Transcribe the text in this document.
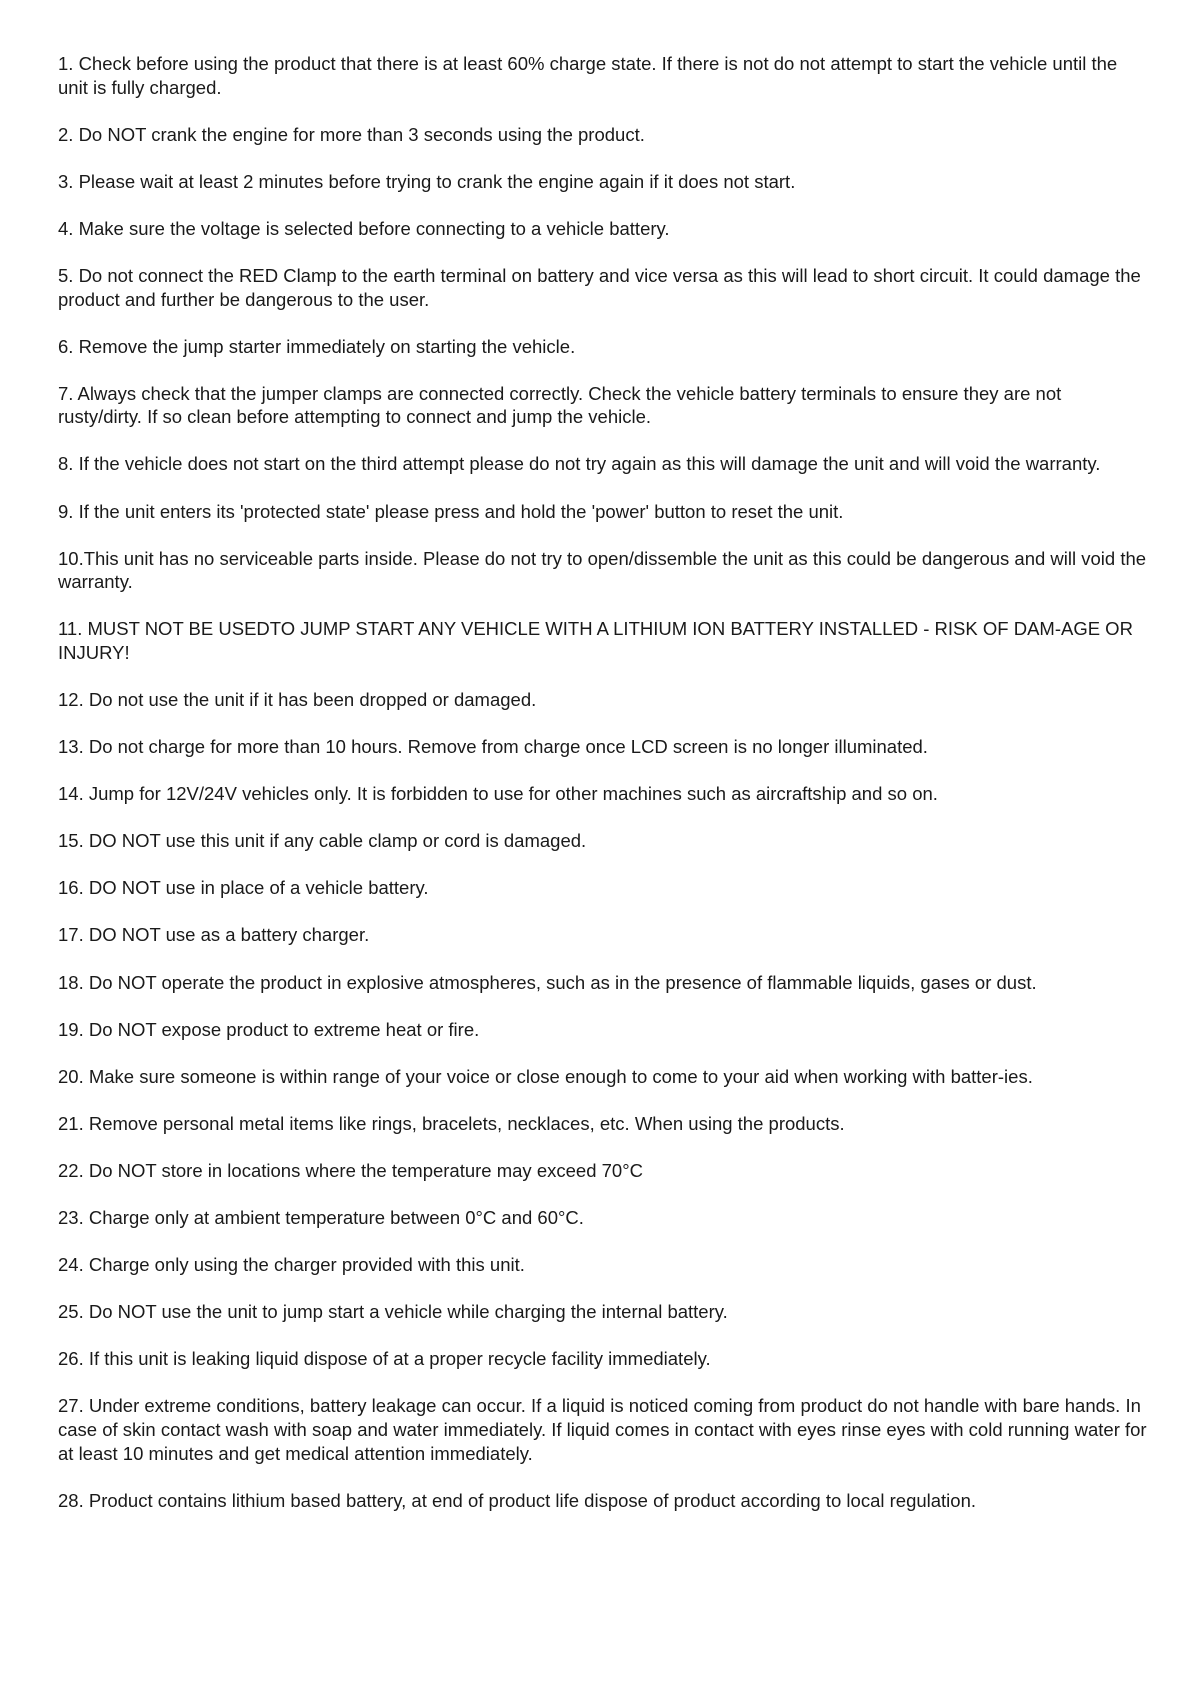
1. Check before using the product that there is at least 60% charge state. If there is not do not attempt to start the vehicle until the unit is fully charged.
2. Do NOT crank the engine for more than 3 seconds using the product.
3. Please wait at least 2 minutes before trying to crank the engine again if it does not start.
4. Make sure the voltage is selected before connecting to a vehicle battery.
5. Do not connect the RED Clamp to the earth terminal on battery and vice versa as this will lead to short circuit. It could damage the product and further be dangerous to the user.
6. Remove the jump starter immediately on starting the vehicle.
7. Always check that the jumper clamps are connected correctly. Check the vehicle battery terminals to ensure they are not rusty/dirty. If so clean before attempting to connect and jump the vehicle.
8. If the vehicle does not start on the third attempt please do not try again as this will damage the unit and will void the warranty.
9. If the unit enters its 'protected state' please press and hold the 'power' button to reset the unit.
10.This unit has no serviceable parts inside. Please do not try to open/dissemble the unit as this could be dangerous and will void the warranty.
11. MUST NOT BE USEDTO JUMP START ANY VEHICLE WITH A LITHIUM ION BATTERY INSTALLED - RISK OF DAM-AGE OR INJURY!
12. Do not use the unit if it has been dropped or damaged.
13. Do not charge for more than 10 hours. Remove from charge once LCD screen is no longer illuminated.
14. Jump for 12V/24V vehicles only. It is forbidden to use for other machines such as aircraftship and so on.
15. DO NOT use this unit if any cable clamp or cord is damaged.
16. DO NOT use in place of a vehicle battery.
17. DO NOT use as a battery charger.
18. Do NOT operate the product in explosive atmospheres, such as in the presence of flammable liquids, gases or dust.
19. Do NOT expose product to extreme heat or fire.
20. Make sure someone is within range of your voice or close enough to come to your aid when working with batter-ies.
21. Remove personal metal items like rings, bracelets, necklaces, etc. When using the products.
22. Do NOT store in locations where the temperature may exceed 70°C
23. Charge only at ambient temperature between 0°C and 60°C.
24. Charge only using the charger provided with this unit.
25. Do NOT use the unit to jump start a vehicle while charging the internal battery.
26. If this unit is leaking liquid dispose of at a proper recycle facility immediately.
27. Under extreme conditions, battery leakage can occur. If a liquid is noticed coming from product do not handle with bare hands. In case of skin contact wash with soap and water immediately. If liquid comes in contact with eyes rinse eyes with cold running water for at least 10 minutes and get medical attention immediately.
28. Product contains lithium based battery, at end of product life dispose of product according to local regulation.
